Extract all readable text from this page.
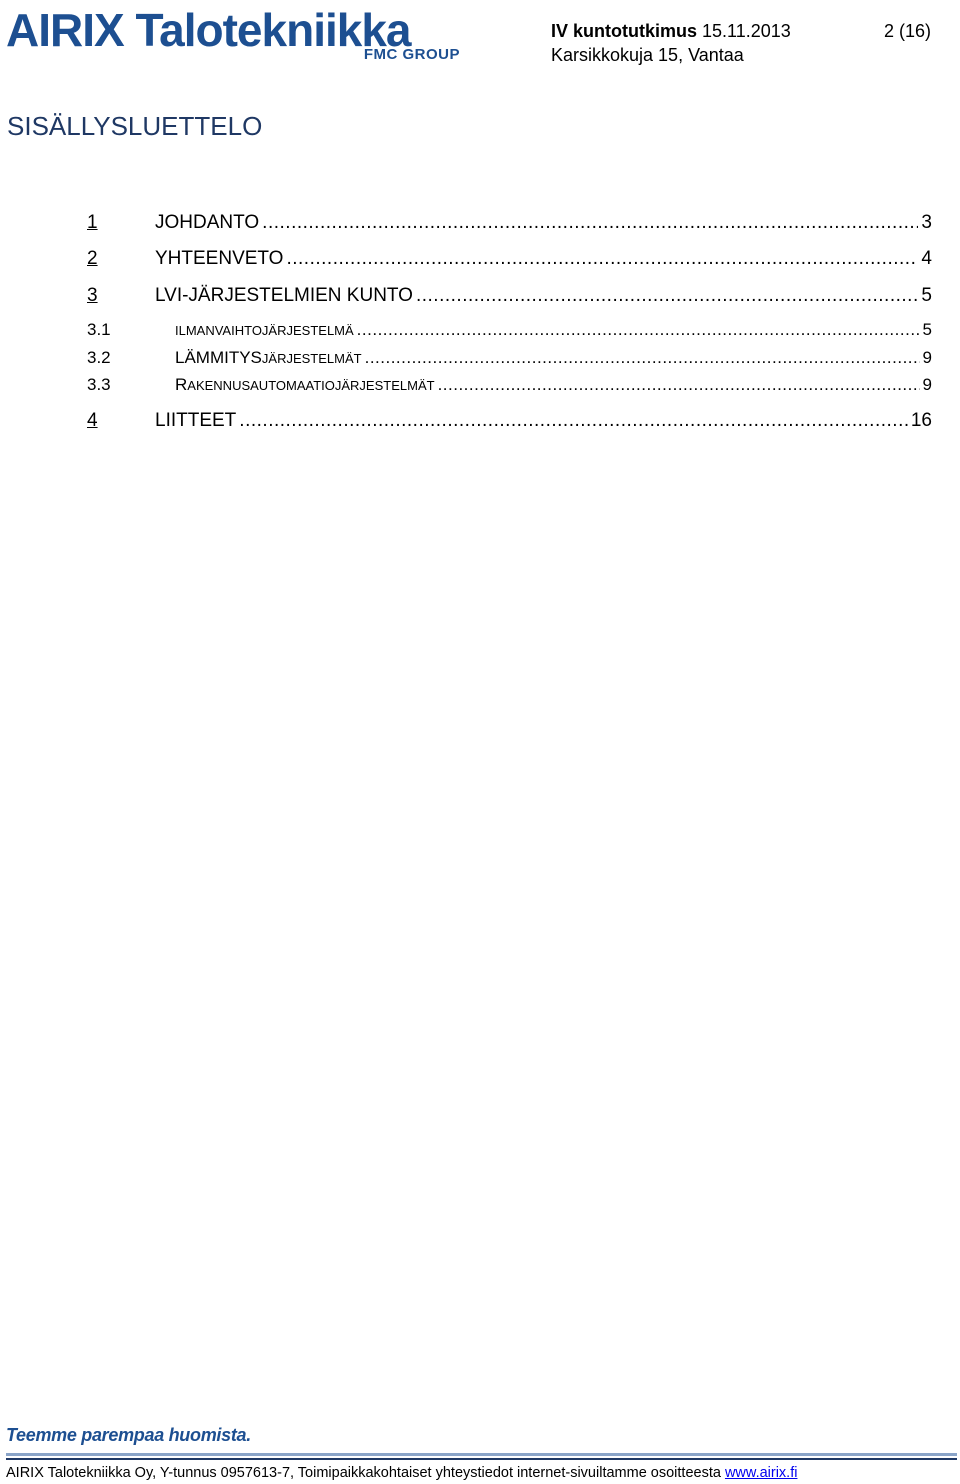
AIRIX Talotekniikka
FMC GROUP
IV kuntotutkimus 15.11.2013	2 (16)
Karsikkokuja 15, Vantaa
SISÄLLYSLUETTELO
1	JOHDANTO .....	3
2	YHTEENVETO .....	4
3	LVI-JÄRJESTELMIEN KUNTO .....	5
3.1	ILMANVAIHTOJÄRJESTELMÄ .....	5
3.2	LÄMMITYSJÄRJESTELMÄT .....	9
3.3	RAKENNUSAUTOMAATIOJÄRJESTELMÄT .....	9
4	LIITTEET .....	16
Teemme parempaa huomista.
AIRIX Talotekniikka Oy, Y-tunnus 0957613-7, Toimipaikkakohtaiset yhteystiedot internet-sivuiltamme osoitteesta www.airix.fi
